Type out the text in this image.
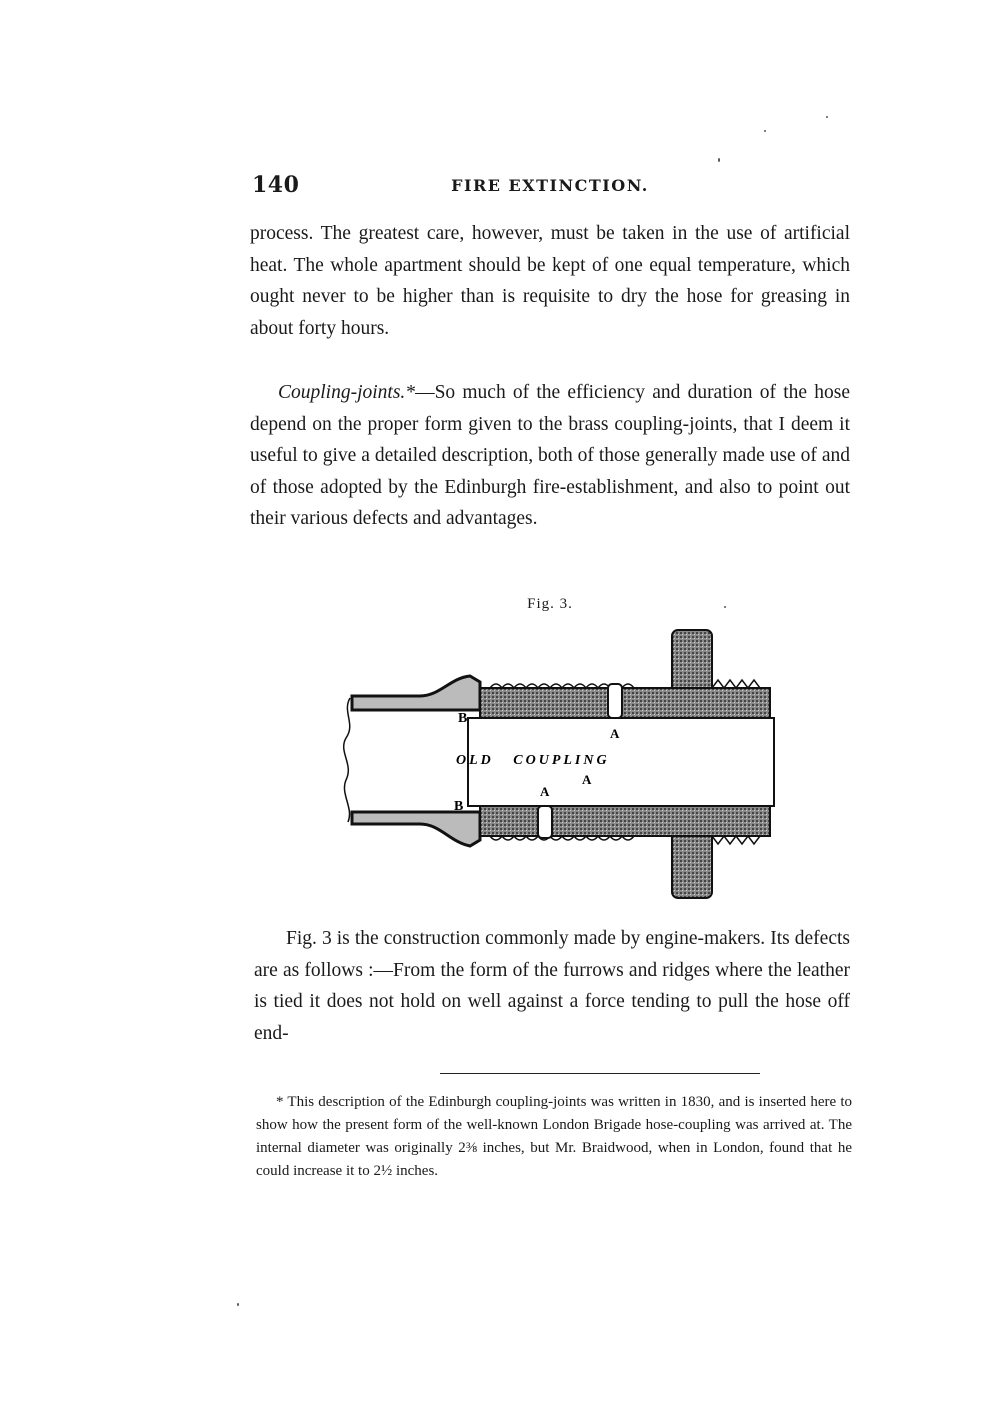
140	FIRE EXTINCTION.

process. The greatest care, however, must be taken in the use of artificial heat. The whole apartment should be kept of one equal temperature, which ought never to be higher than is requisite to dry the hose for greasing in about forty hours.

Coupling-joints.*—So much of the efficiency and duration of the hose depend on the proper form given to the brass coupling-joints, that I deem it useful to give a detailed description, both of those generally made use of and of those adopted by the Edinburgh fire-establishment, and also to point out their various defects and advantages.

Fig. 3.
B
B
A
A
A
OLD   COUPLING

Fig. 3 is the construction commonly made by engine-makers. Its defects are as follows :—From the form of the furrows and ridges where the leather is tied it does not hold on well against a force tending to pull the hose off end-

* This description of the Edinburgh coupling-joints was written in 1830, and is inserted here to show how the present form of the well-known London Brigade hose-coupling was arrived at. The internal diameter was originally 2⅜ inches, but Mr. Braidwood, when in London, found that he could increase it to 2½ inches.
